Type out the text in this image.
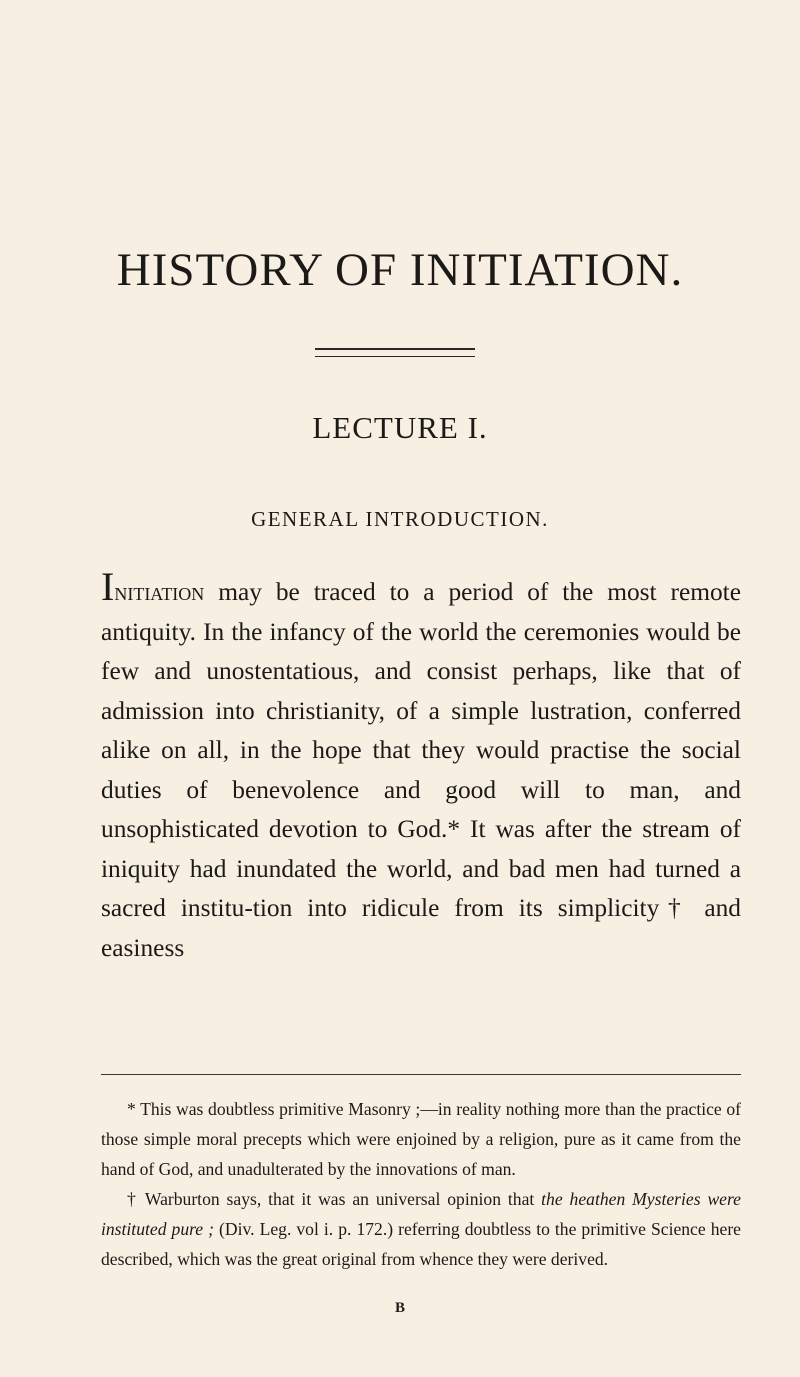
HISTORY OF INITIATION.
LECTURE I.
GENERAL INTRODUCTION.
Initiation may be traced to a period of the most remote antiquity. In the infancy of the world the ceremonies would be few and unostentatious, and consist perhaps, like that of admission into christianity, of a simple lustration, conferred alike on all, in the hope that they would practise the social duties of benevolence and good will to man, and unsophisticated devotion to God.* It was after the stream of iniquity had inundated the world, and bad men had turned a sacred institu-tion into ridicule from its simplicity† and easiness

* This was doubtless primitive Masonry ;—in reality nothing more than the practice of those simple moral precepts which were enjoined by a religion, pure as it came from the hand of God, and unadulterated by the innovations of man.

† Warburton says, that it was an universal opinion that the heathen Mysteries were instituted pure ; (Div. Leg. vol i. p. 172.) referring doubtless to the primitive Science here described, which was the great original from whence they were derived.

B
